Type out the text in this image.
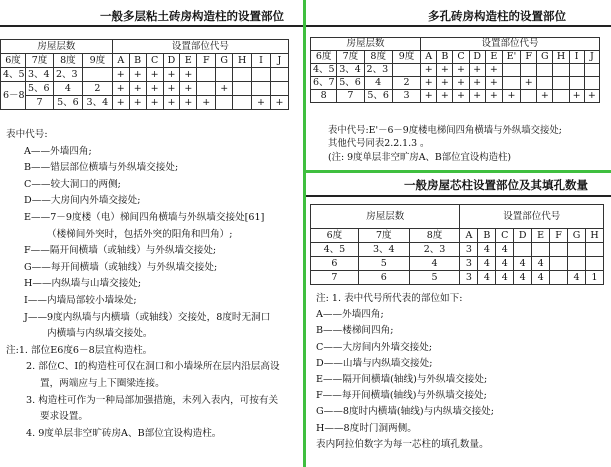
一般多层粘土砖房构造柱的设置部位
房屋层数				设置部位代号									
6度	7度	8度	9度	A	B	C	D	E	F	G	H	I	J
4、5	3、4	2、3		+	+	+	+	+					
6－8	5、6	4	2	+	+	+	+	+		+			
	7	5、6	3、4	+	+	+	+	+	+			+	+
表中代号:
A——外墙四角;
B——错层部位横墙与外纵墙交接处;
C——较大洞口的两侧;
D——大房间内外墙交接处;
E——7－9度楼（电）梯间四角横墙与外纵墙交接处[61]
（楼梯间外突时，包括外突的阳角和凹角）;
F——隔开间横墙（或轴线）与外纵墙交接处;
G——每开间横墙（或轴线）与外纵墙交接处;
H——内纵墙与山墙交接处;
I——内墙局部较小墙垛处;
J——9度内纵墙与内横墙（或轴线）交接处，8度时无洞口
内横墙与内纵墙交接处。
注:1. 部位E6度6－8层宜构造柱。
2. 部位C、I的构造柱可仅在洞口和小墙垛所在层内沿层高设
置，两端应与上下圈梁连接。
3. 构造柱可作为一种局部加强措施，未列入表内，可按有关
要求设置。
4. 9度单层非空旷砖房A、B部位宜设构造柱。
多孔砖房构造柱的设置部位
房屋层数				设置部位代号										
6度	7度	8度	9度	A	B	C	D	E	E'	F	G	H	I	J
4、5	3、4	2、3		+	+	+	+	+						
6、7	5、6	4	2	+	+	+	+	+		+				
8	7	5、6	3	+	+	+	+	+	+		+		+	+
表中代号:E'－6－9度楼电梯间四角横墙与外纵墙交接处;
其他代号同表2.2.1.3 。
(注: 9度单层非空旷房A、B部位宜设构造柱)
一般房屋芯柱设置部位及其填孔数量
房屋层数			设置部位代号							
6度	7度	8度	A	B	C	D	E	F	G	H
4、5	3、4	2、3	3	4	4					
6	5	4	3	4	4	4	4			
7	6	5	3	4	4	4	4		4	1
注: 1. 表中代号所代表的部位如下:
A——外墙四角;
B——楼梯间四角;
C——大房间内外墙交接处;
D——山墙与内纵墙交接处;
E——隔开间横墙(轴线)与外纵墙交接处;
F——每开间横墙(轴线)与外纵墙交接处;
G——8度时内横墙(轴线)与内纵墙交接处;
H——8度时门洞两侧。
表内阿拉伯数字为每一芯柱的填孔数量。
